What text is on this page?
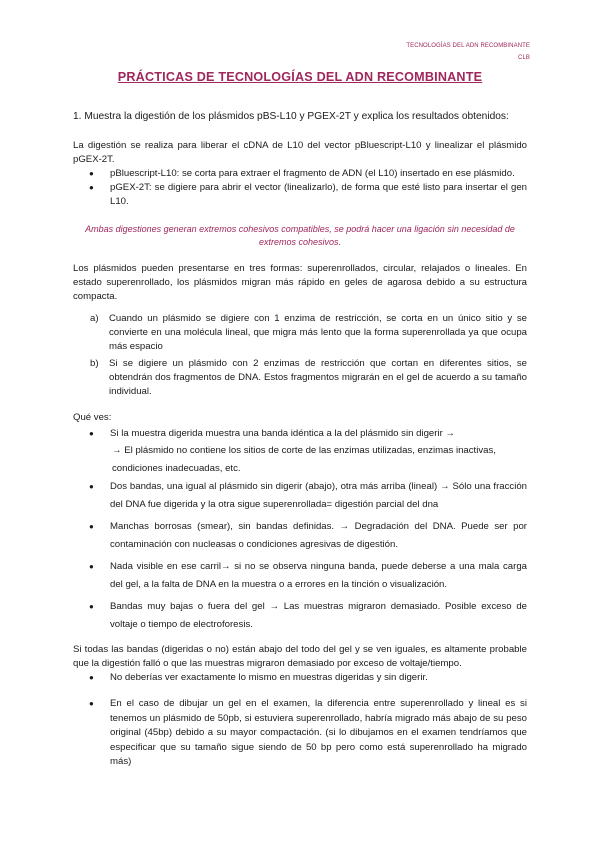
TECNOLOGÍAS DEL ADN RECOMBINANTE
CLB
PRÁCTICAS DE TECNOLOGÍAS DEL ADN RECOMBINANTE

1. Muestra la digestión de los plásmidos pBS-L10 y PGEX-2T y explica los resultados obtenidos:

La digestión se realiza para liberar el cDNA de L10 del vector pBluescript-L10 y linealizar el plásmido pGEX-2T.

● pBluescript-L10: se corta para extraer el fragmento de ADN (el L10) insertado en ese plásmido.
● pGEX-2T: se digiere para abrir el vector (linealizarlo), de forma que esté listo para insertar el gen L10.

Ambas digestiones generan extremos cohesivos compatibles, se podrá hacer una ligación sin necesidad de extremos cohesivos.

Los plásmidos pueden presentarse en tres formas: superenrollados, circular, relajados o lineales. En estado superenrollado, los plásmidos migran más rápido en geles de agarosa debido a su estructura compacta.

a) Cuando un plásmido se digiere con 1 enzima de restricción, se corta en un único sitio y se convierte en una molécula lineal, que migra más lento que la forma superenrollada ya que ocupa más espacio
b) Si se digiere un plásmido con 2 enzimas de restricción que cortan en diferentes sitios, se obtendrán dos fragmentos de DNA. Estos fragmentos migrarán en el gel de acuerdo a su tamaño individual.

Qué ves:

● Si la muestra digerida muestra una banda idéntica a la del plásmido sin digerir →

→ El plásmido no contiene los sitios de corte de las enzimas utilizadas, enzimas inactivas, condiciones inadecuadas, etc.

● Dos bandas, una igual al plásmido sin digerir (abajo), otra más arriba (lineal) → Sólo una fracción del DNA fue digerida y la otra sigue superenrollada= digestión parcial del dna
● Manchas borrosas (smear), sin bandas definidas. → Degradación del DNA. Puede ser por contaminación con nucleasas o condiciones agresivas de digestión.
● Nada visible en ese carril→ si no se observa ninguna banda, puede deberse a una mala carga del gel, a la falta de DNA en la muestra o a errores en la tinción o visualización.
● Bandas muy bajas o fuera del gel → Las muestras migraron demasiado. Posible exceso de voltaje o tiempo de electroforesis.

Si todas las bandas (digeridas o no) están abajo del todo del gel y se ven iguales, es altamente probable que la digestión falló o que las muestras migraron demasiado por exceso de voltaje/tiempo.

● No deberías ver exactamente lo mismo en muestras digeridas y sin digerir.
● En el caso de dibujar un gel en el examen, la diferencia entre superenrollado y lineal es si tenemos un plásmido de 50pb, si estuviera superenrollado, habría migrado más abajo de su peso original (45bp) debido a su mayor compactación. (si lo dibujamos en el examen tendríamos que especificar que su tamaño sigue siendo de 50 bp pero como está superenrollado ha migrado más)
